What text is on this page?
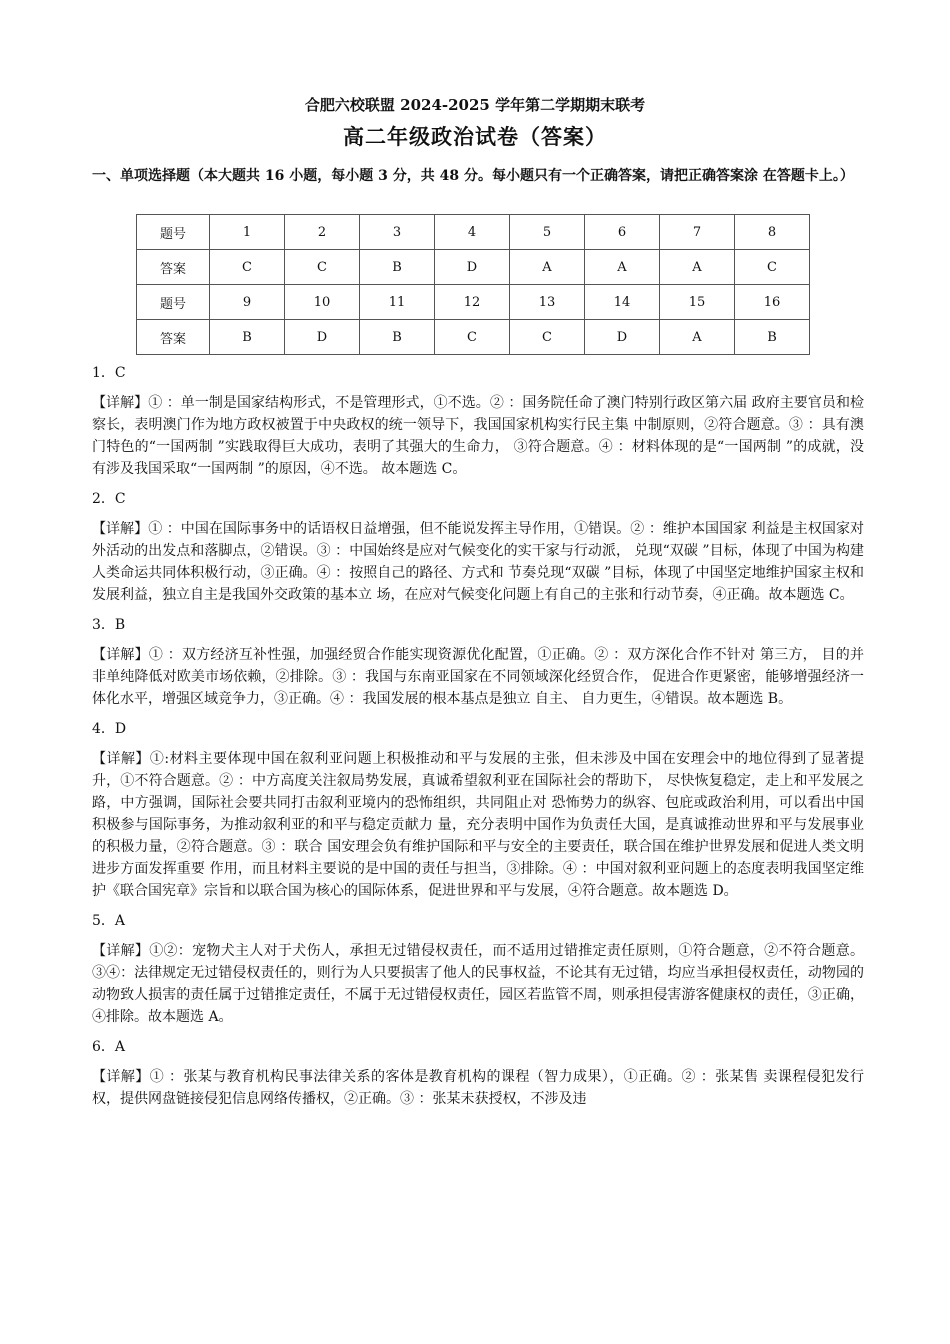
合肥六校联盟 2024-2025 学年第二学期期末联考
高二年级政治试卷（答案）
一、单项选择题（本大题共 16 小题，每小题 3 分，共 48 分。每小题只有一个正确答案，请把正确答案涂 在答题卡上。）
题号	1	2	3	4	5	6	7	8
答案	C	C	B	D	A	A	A	C
题号	9	10	11	12	13	14	15	16
答案	B	D	B	C	C	D	A	B
1．C
【详解】① ：单一制是国家结构形式，不是管理形式，①不选。② ：国务院任命了澳门特别行政区第六届 政府主要官员和检察长，表明澳门作为地方政权被置于中央政权的统一领导下，我国国家机构实行民主集 中制原则，②符合题意。③ ：具有澳门特色的“一国两制 ”实践取得巨大成功，表明了其强大的生命力， ③符合题意。④ ：材料体现的是“一国两制 ”的成就，没有涉及我国采取“一国两制 ”的原因，④不选。 故本题选 C。
2．C
【详解】① ：中国在国际事务中的话语权日益增强，但不能说发挥主导作用，①错误。② ：维护本国国家 利益是主权国家对外活动的出发点和落脚点，②错误。③ ：中国始终是应对气候变化的实干家与行动派， 兑现“双碳 ”目标，体现了中国为构建人类命运共同体积极行动，③正确。④ ：按照自己的路径、方式和 节奏兑现“双碳 ”目标，体现了中国坚定地维护国家主权和发展利益，独立自主是我国外交政策的基本立 场，在应对气候变化问题上有自己的主张和行动节奏，④正确。故本题选 C。
3．B
【详解】① ：双方经济互补性强，加强经贸合作能实现资源优化配置，①正确。② ：双方深化合作不针对 第三方， 目的并非单纯降低对欧美市场依赖，②排除。③ ：我国与东南亚国家在不同领域深化经贸合作， 促进合作更紧密，能够增强经济一体化水平，增强区域竞争力，③正确。④ ：我国发展的根本基点是独立 自主、 自力更生，④错误。故本题选 B。
4．D
【详解】①:材料主要体现中国在叙利亚问题上积极推动和平与发展的主张，但未涉及中国在安理会中的地位得到了显著提升，①不符合题意。② ：中方高度关注叙局势发展，真诚希望叙利亚在国际社会的帮助下， 尽快恢复稳定，走上和平发展之路，中方强调，国际社会要共同打击叙利亚境内的恐怖组织，共同阻止对 恐怖势力的纵容、包庇或政治利用，可以看出中国积极参与国际事务，为推动叙利亚的和平与稳定贡献力 量，充分表明中国作为负责任大国，是真诚推动世界和平与发展事业的积极力量，②符合题意。③ ：联合 国安理会负有维护国际和平与安全的主要责任，联合国在维护世界发展和促进人类文明进步方面发挥重要 作用，而且材料主要说的是中国的责任与担当，③排除。④ ：中国对叙利亚问题上的态度表明我国坚定维 护《联合国宪章》宗旨和以联合国为核心的国际体系，促进世界和平与发展，④符合题意。故本题选 D。
5．A
【详解】①②：宠物犬主人对于犬伤人，承担无过错侵权责任，而不适用过错推定责任原则，①符合题意，②不符合题意。③④：法律规定无过错侵权责任的，则行为人只要损害了他人的民事权益，不论其有无过错，均应当承担侵权责任，动物园的动物致人损害的责任属于过错推定责任，不属于无过错侵权责任，园区若监管不周，则承担侵害游客健康权的责任，③正确，④排除。故本题选 A。
6．A
【详解】① ：张某与教育机构民事法律关系的客体是教育机构的课程（智力成果），①正确。② ：张某售 卖课程侵犯发行权，提供网盘链接侵犯信息网络传播权，②正确。③ ：张某未获授权，不涉及违
